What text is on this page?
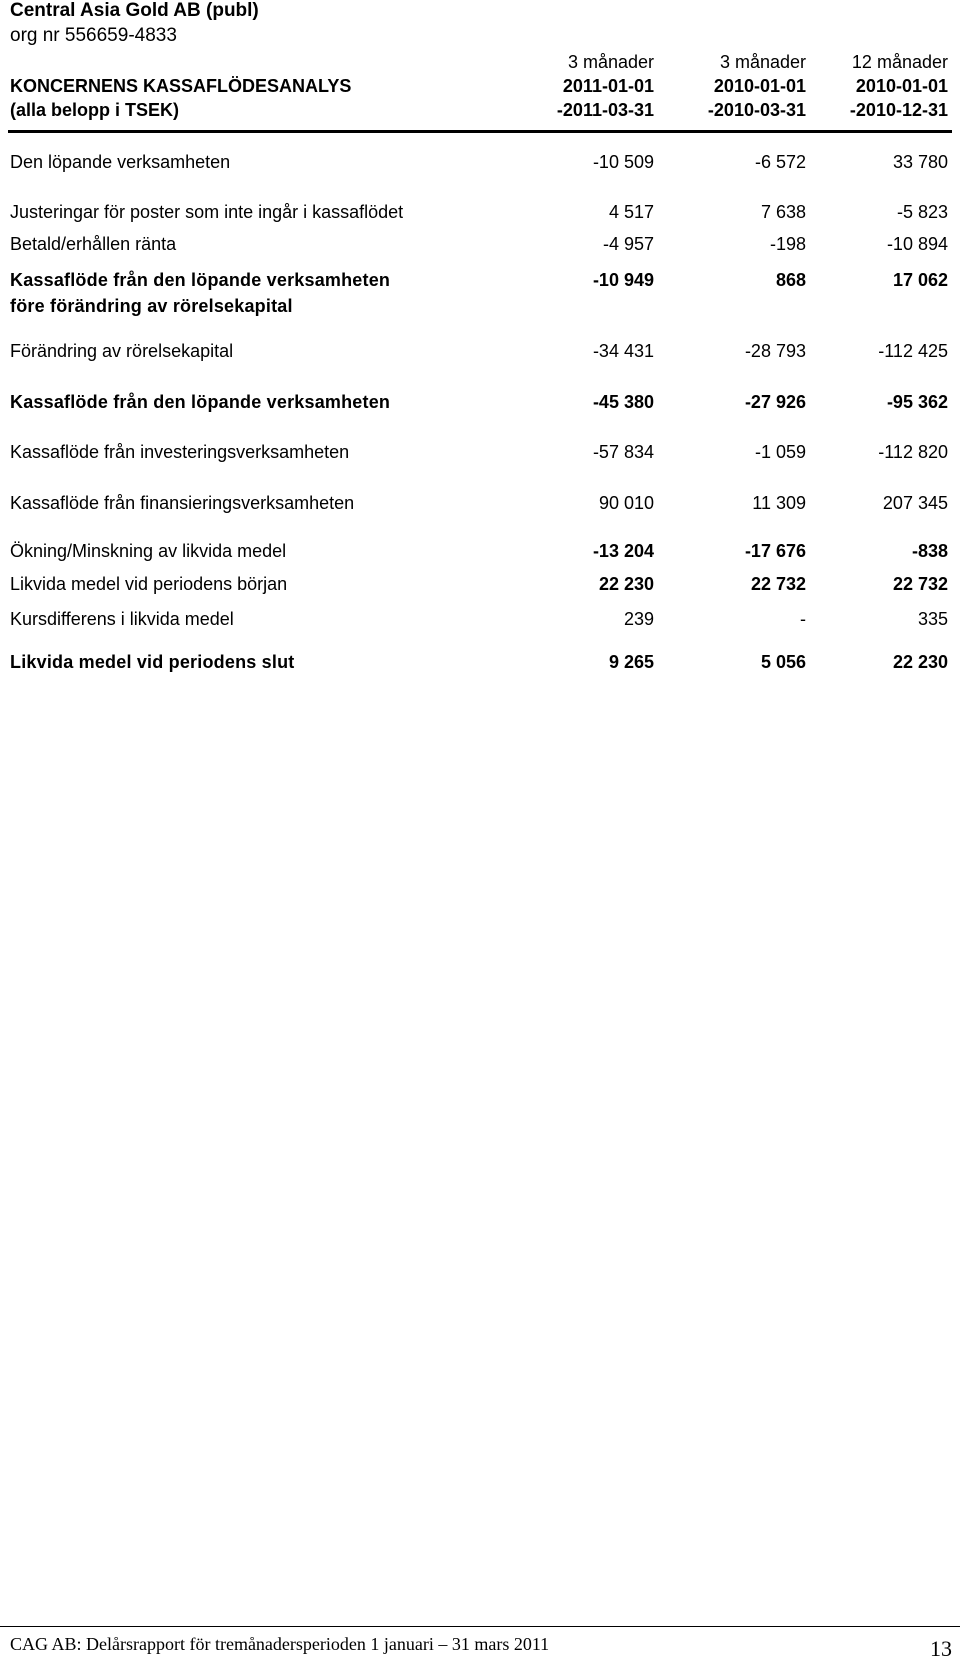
Central Asia Gold AB (publ)
org nr 556659-4833
3 månader	3 månader	12 månader
KONCERNENS KASSAFLÖDESANALYS	2011-01-01	2010-01-01	2010-01-01
(alla belopp i TSEK)	-2011-03-31	-2010-03-31 -2010-12-31
Den löpande verksamheten	-10 509	-6 572	33 780
Justeringar för poster som inte ingår i kassaflödet	4 517	7 638	-5 823
Betald/erhållen ränta	-4 957	-198	-10 894
Kassaflöde från den löpande verksamheten
före förändring av rörelsekapital
-10 949	868	17 062
Förändring av rörelsekapital	-34 431	-28 793	-112 425
Kassaflöde från den löpande verksamheten	-45 380	-27 926	-95 362
Kassaflöde från investeringsverksamheten	-57 834	-1 059	-112 820
Kassaflöde från finansieringsverksamheten	90 010	11 309	207 345
Ökning/Minskning av likvida medel	-13 204	-17 676	-838
Likvida medel vid periodens början	22 230	22 732	22 732
Kursdifferens i likvida medel	239	-	335
Likvida medel vid periodens slut	9 265	5 056	22 230
CAG AB: Delårsrapport för tremånadersperioden 1 januari – 31 mars 2011	13
